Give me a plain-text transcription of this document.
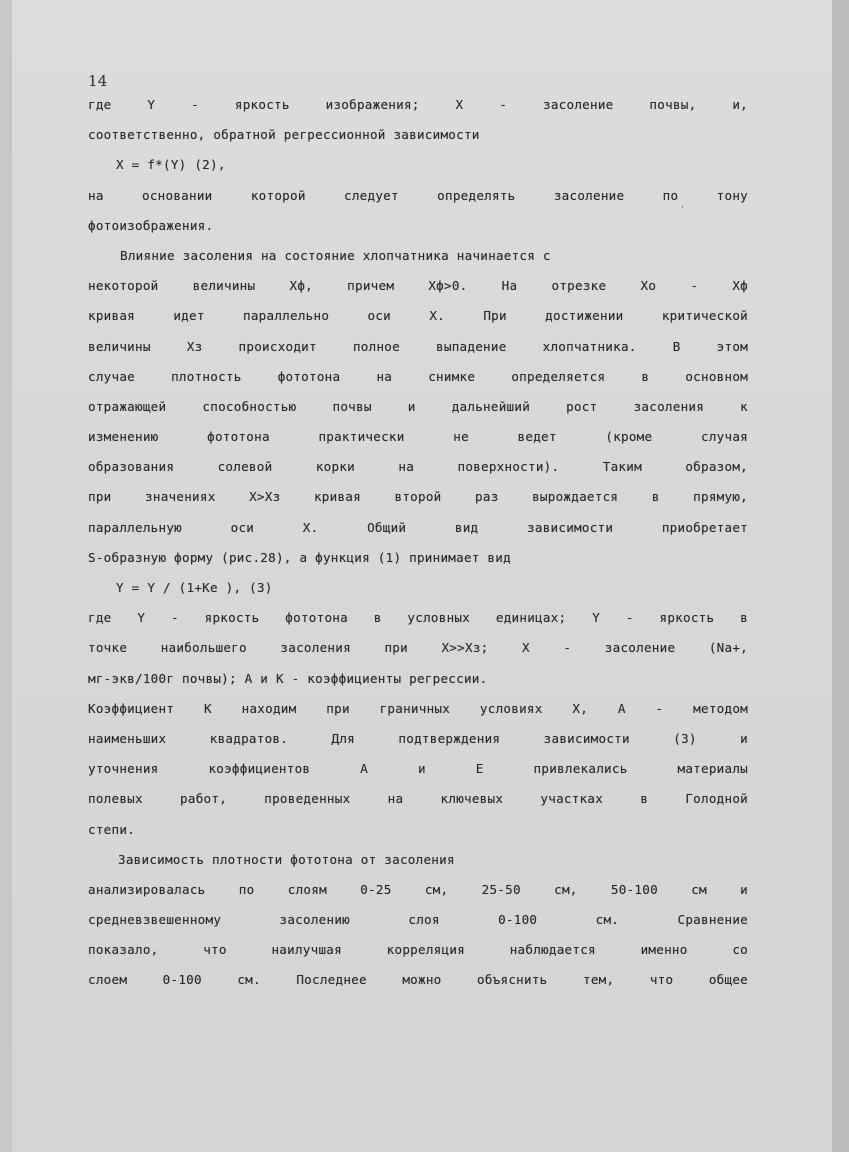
14
где Y - яркость изображения; X - засоление почвы, и,
соответственно, обратной регрессионной зависимости
X = f*(Y) (2),
на основании которой следует определять засоление по тону
фотоизображения.
Влияние засоления на состояние хлопчатника начинается с
некоторой величины Хф, причем Хф>0. На отрезке Хо - Хф
кривая идет параллельно оси X. При достижении критической
величины Хз происходит полное выпадение хлопчатника. В этом
случае плотность фототона на снимке определяется в основном
отражающей способностью почвы и дальнейший рост засоления к
изменению фототона практически не ведет (кроме случая
образования солевой корки на поверхности). Таким образом,
при значениях X>Xз кривая второй раз вырождается в прямую,
параллельную оси X. Общий вид зависимости приобретает
S-образную форму (рис.28), а функция (1) принимает вид
Y = Y / (1+Ke ), (3)
где Y - яркость фототона в условных единицах; Y - яркость в
точке наибольшего засоления при X>>Xз; X - засоление (Na+,
мг-экв/100г почвы); A и K - коэффициенты регрессии.
Коэффициент K находим при граничных условиях X, A - методом
наименьших квадратов. Для подтверждения зависимости (3) и
уточнения коэффициентов A и E привлекались материалы
полевых работ, проведенных на ключевых участках в Голодной
степи.
Зависимость плотности фототона от засоления
анализировалась по слоям 0-25 см, 25-50 см, 50-100 см и
средневзвешенному засолению слоя 0-100 см. Сравнение
показало, что наилучшая корреляция наблюдается именно со
слоем 0-100 см. Последнее можно объяснить тем, что общее
'
